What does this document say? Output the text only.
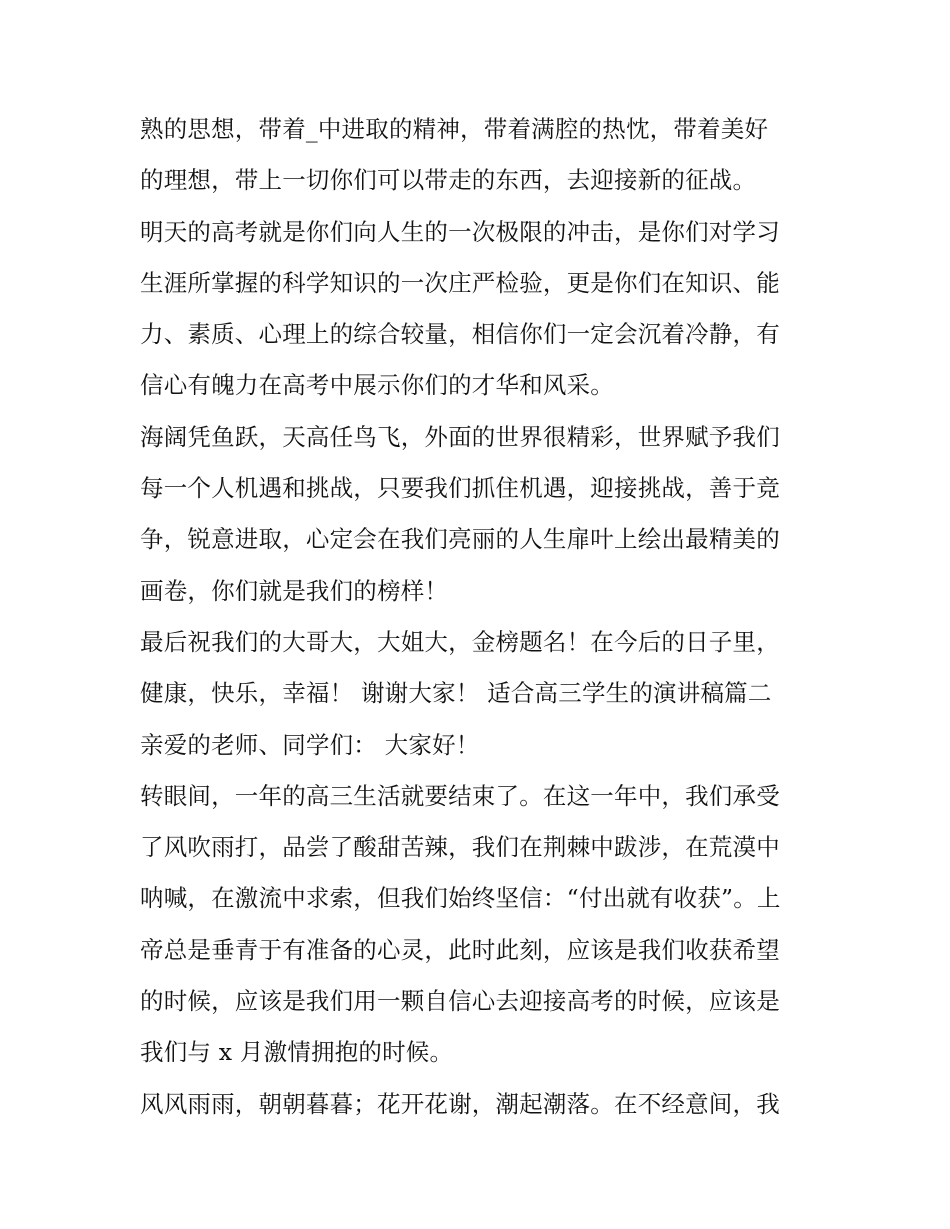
熟的思想，带着_中进取的精神，带着满腔的热忱，带着美好
的理想，带上一切你们可以带走的东西，去迎接新的征战。
明天的高考就是你们向人生的一次极限的冲击，是你们对学习
生涯所掌握的科学知识的一次庄严检验，更是你们在知识、能
力、素质、心理上的综合较量，相信你们一定会沉着冷静，有
信心有魄力在高考中展示你们的才华和风采。
海阔凭鱼跃，天高任鸟飞，外面的世界很精彩，世界赋予我们
每一个人机遇和挑战，只要我们抓住机遇，迎接挑战，善于竞
争，锐意进取，心定会在我们亮丽的人生扉叶上绘出最精美的
画卷，你们就是我们的榜样！
最后祝我们的大哥大，大姐大，金榜题名！在今后的日子里，
健康，快乐，幸福！ 谢谢大家！ 适合高三学生的演讲稿篇二
亲爱的老师、同学们： 大家好！
转眼间，一年的高三生活就要结束了。在这一年中，我们承受
了风吹雨打，品尝了酸甜苦辣，我们在荆棘中跋涉，在荒漠中
呐喊，在激流中求索，但我们始终坚信：“付出就有收获”。上
帝总是垂青于有准备的心灵，此时此刻，应该是我们收获希望
的时候，应该是我们用一颗自信心去迎接高考的时候，应该是
我们与 x 月激情拥抱的时候。
风风雨雨，朝朝暮暮；花开花谢，潮起潮落。在不经意间，我
